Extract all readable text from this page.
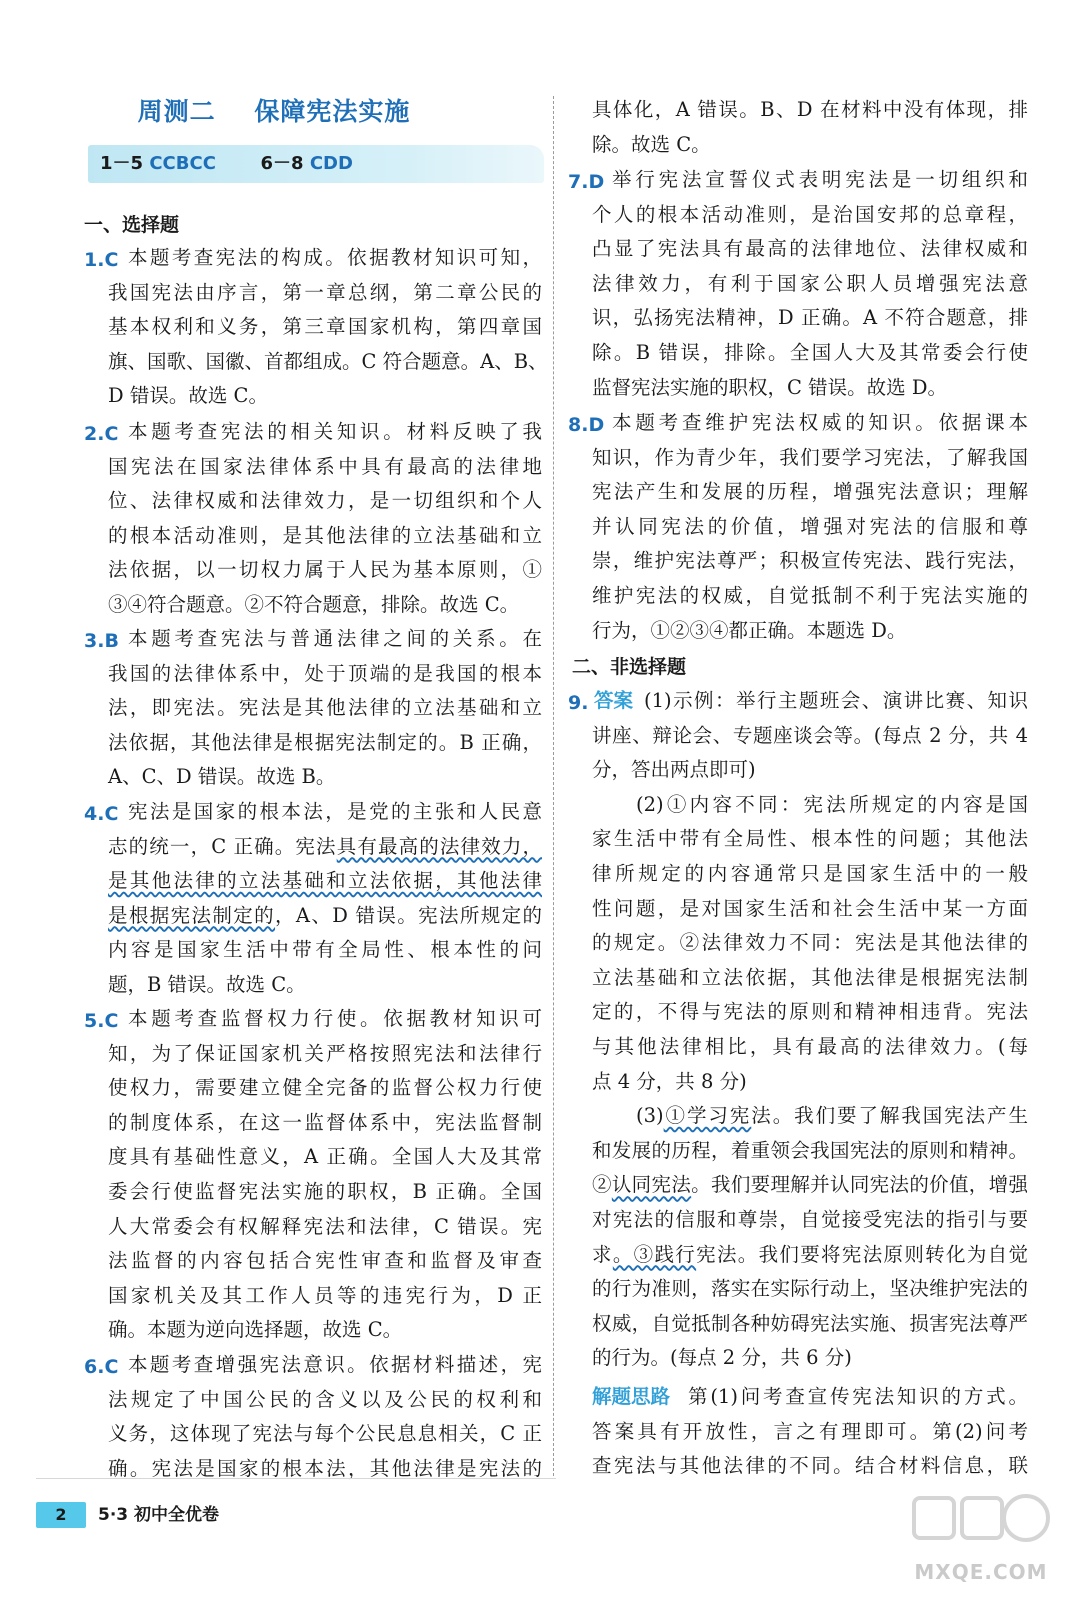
周测二    保障宪法实施
1－5 CCBCC 6－8 CDD
一、选择题
1.C 本题考查宪法的构成。依据教材知识可知，
我国宪法由序言，第一章总纲，第二章公民的
基本权利和义务，第三章国家机构，第四章国
旗、国歌、国徽、首都组成。C 符合题意。A、B、
D 错误。故选 C。
2.C 本题考查宪法的相关知识。材料反映了我
国宪法在国家法律体系中具有最高的法律地
位、法律权威和法律效力，是一切组织和个人
的根本活动准则，是其他法律的立法基础和立
法依据，以一切权力属于人民为基本原则，①
③④符合题意。②不符合题意，排除。故选 C。
3.B 本题考查宪法与普通法律之间的关系。在
我国的法律体系中，处于顶端的是我国的根本
法，即宪法。宪法是其他法律的立法基础和立
法依据，其他法律是根据宪法制定的。B 正确，
A、C、D 错误。故选 B。
4.C 宪法是国家的根本法，是党的主张和人民意
志的统一，C 正确。宪法具有最高的法律效力，
是其他法律的立法基础和立法依据，其他法律
是根据宪法制定的，A、D 错误。宪法所规定的
内容是国家生活中带有全局性、根本性的问
题，B 错误。故选 C。
5.C 本题考查监督权力行使。依据教材知识可
知，为了保证国家机关严格按照宪法和法律行
使权力，需要建立健全完备的监督公权力行使
的制度体系，在这一监督体系中，宪法监督制
度具有基础性意义，A 正确。全国人大及其常
委会行使监督宪法实施的职权，B 正确。全国
人大常委会有权解释宪法和法律，C 错误。宪
法监督的内容包括合宪性审查和监督及审查
国家机关及其工作人员等的违宪行为，D 正
确。本题为逆向选择题，故选 C。
6.C 本题考查增强宪法意识。依据材料描述，宪
法规定了中国公民的含义以及公民的权利和
义务，这体现了宪法与每个公民息息相关，C 正
确。宪法是国家的根本法，其他法律是宪法的
具体化，A 错误。B、D 在材料中没有体现，排
除。故选 C。
7.D 举行宪法宣誓仪式表明宪法是一切组织和
个人的根本活动准则，是治国安邦的总章程，
凸显了宪法具有最高的法律地位、法律权威和
法律效力，有利于国家公职人员增强宪法意
识，弘扬宪法精神，D 正确。A 不符合题意，排
除。B 错误，排除。全国人大及其常委会行使
监督宪法实施的职权，C 错误。故选 D。
8.D 本题考查维护宪法权威的知识。依据课本
知识，作为青少年，我们要学习宪法，了解我国
宪法产生和发展的历程，增强宪法意识；理解
并认同宪法的价值，增强对宪法的信服和尊
崇，维护宪法尊严；积极宣传宪法、践行宪法，
维护宪法的权威，自觉抵制不利于宪法实施的
行为，①②③④都正确。本题选 D。
9.	(1)示例：举行主题班会、演讲比赛、知识
讲座、辩论会、专题座谈会等。(每点 2 分，共 4
分，答出两点即可)
(2)①内容不同：宪法所规定的内容是国
家生活中带有全局性、根本性的问题；其他法
律所规定的内容通常只是国家生活中的一般
性问题，是对国家生活和社会生活中某一方面
的规定。②法律效力不同：宪法是其他法律的
立法基础和立法依据，其他法律是根据宪法制
定的，不得与宪法的原则和精神相违背。宪法
与其他法律相比，具有最高的法律效力。(每
点 4 分，共 8 分)
(3)①学习宪法。我们要了解我国宪法产生
和发展的历程，着重领会我国宪法的原则和精神。
②认同宪法。我们要理解并认同宪法的价值，增强
对宪法的信服和尊崇，自觉接受宪法的指引与要
求。③践行宪法。我们要将宪法原则转化为自觉
的行为准则，落实在实际行动上，坚决维护宪法的
权威，自觉抵制各种妨碍宪法实施、损害宪法尊严
的行为。(每点 2 分，共 6 分)
答案
第(1)问考查宣传宪法知识的方式。
答案具有开放性，言之有理即可。第(2)问考
查宪法与其他法律的不同。结合材料信息，联
解题思路
二、非选择题
2	5·3 初中全优卷
MXQE.COM
